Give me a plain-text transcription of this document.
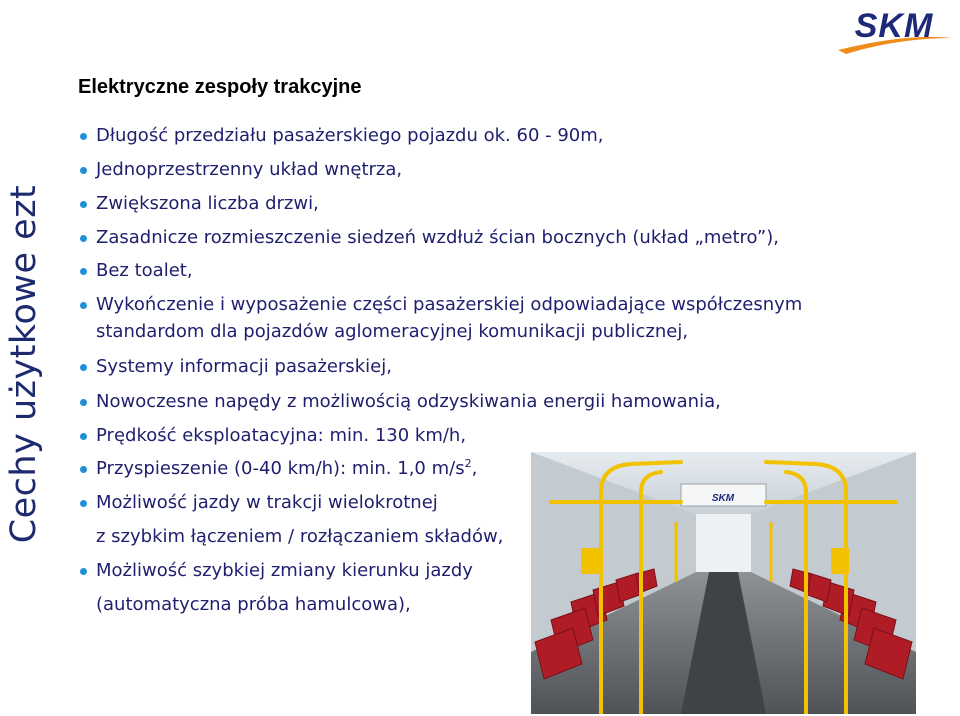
Cechy użytkowe ezt
SKM
Elektryczne zespoły trakcyjne
Długość przedziału pasażerskiego pojazdu ok. 60 - 90m,
Jednoprzestrzenny układ wnętrza,
Zwiększona liczba drzwi,
Zasadnicze rozmieszczenie siedzeń wzdłuż ścian bocznych (układ „metro”),
Bez toalet,
Wykończenie i wyposażenie części pasażerskiej odpowiadające współczesnym
standardom dla pojazdów aglomeracyjnej komunikacji publicznej,
Systemy informacji pasażerskiej,
Nowoczesne napędy z możliwością odzyskiwania energii hamowania,
Prędkość eksploatacyjna: min. 130 km/h,
Przyspieszenie (0-40 km/h): min. 1,0 $m/s^2$,
Możliwość jazdy w trakcji wielokrotnej
z szybkim łączeniem / rozłączaniem składów,
Możliwość szybkiej zmiany kierunku jazdy
(automatyczna próba hamulcowa),
SKM
